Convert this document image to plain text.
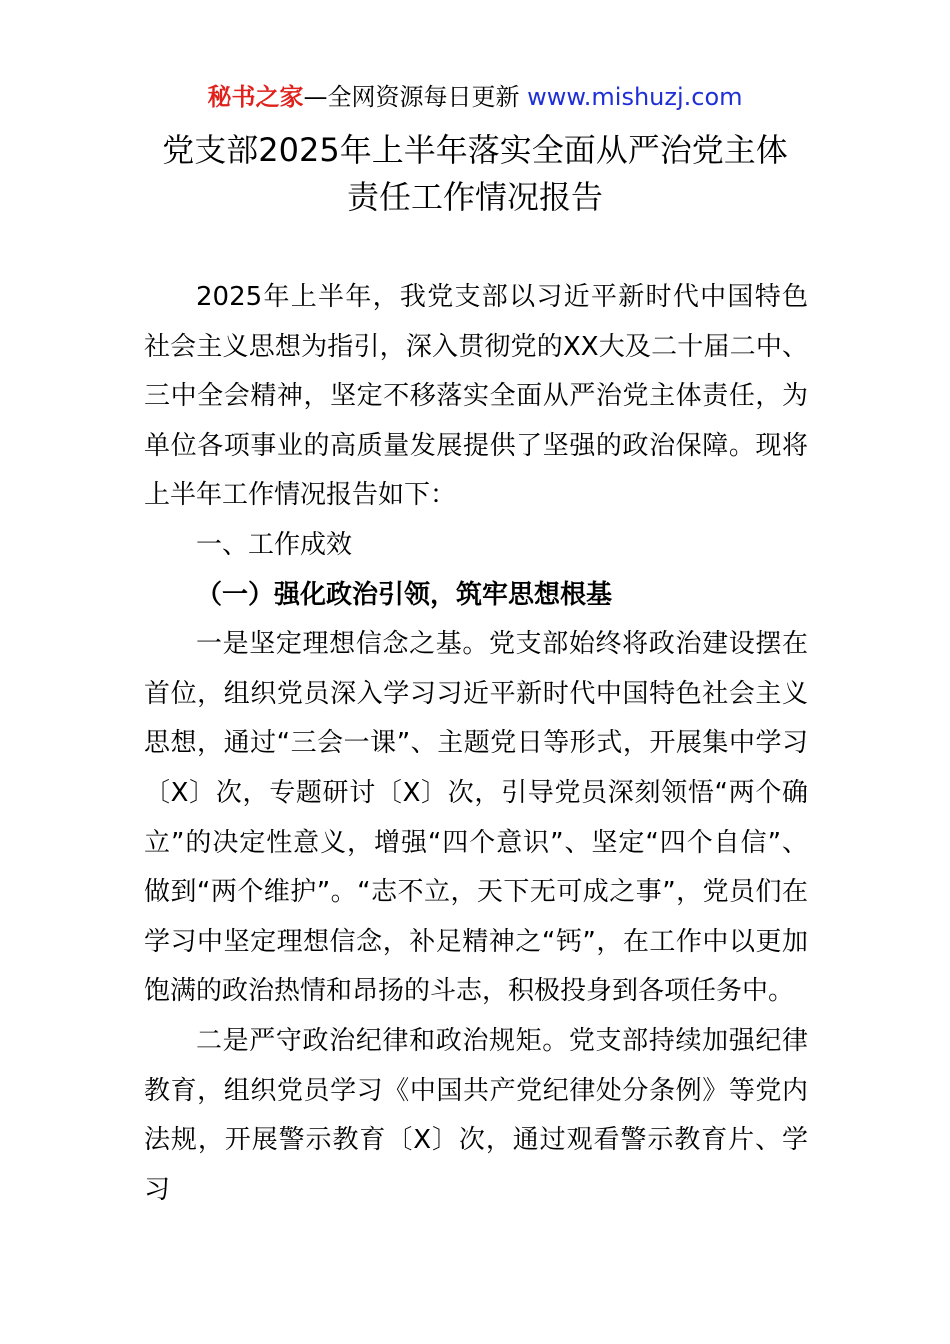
秘书之家—全网资源每日更新 www.mishuzj.com
党支部2025年上半年落实全面从严治党主体
责任工作情况报告

2025年上半年，我党支部以习近平新时代中国特色社会主义思想为指引，深入贯彻党的XX大及二十届二中、三中全会精神，坚定不移落实全面从严治党主体责任，为单位各项事业的高质量发展提供了坚强的政治保障。现将上半年工作情况报告如下：

一、工作成效

（一）强化政治引领，筑牢思想根基

一是坚定理想信念之基。党支部始终将政治建设摆在首位，组织党员深入学习习近平新时代中国特色社会主义思想，通过“三会一课”、主题党日等形式，开展集中学习〔X〕次，专题研讨〔X〕次，引导党员深刻领悟“两个确立”的决定性意义，增强“四个意识”、坚定“四个自信”、做到“两个维护”。“志不立，天下无可成之事”，党员们在学习中坚定理想信念，补足精神之“钙”，在工作中以更加饱满的政治热情和昂扬的斗志，积极投身到各项任务中。

二是严守政治纪律和政治规矩。党支部持续加强纪律教育，组织党员学习《中国共产党纪律处分条例》等党内法规，开展警示教育〔X〕次，通过观看警示教育片、学习
